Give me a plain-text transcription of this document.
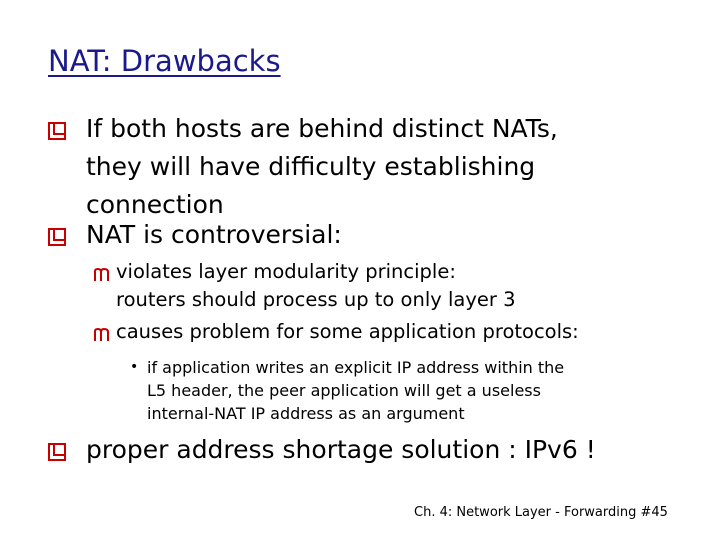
NAT: Drawbacks
If both hosts are behind distinct NATs,
they will have difficulty establishing
connection
NAT is controversial:
violates layer modularity principle:
routers should process up to only layer 3
causes problem for some application protocols:
• if application writes an explicit IP address within the
L5 header, the peer application will get a useless
internal-NAT IP address as an argument
proper address shortage solution : IPv6 !
Ch. 4: Network Layer - Forwarding #45
